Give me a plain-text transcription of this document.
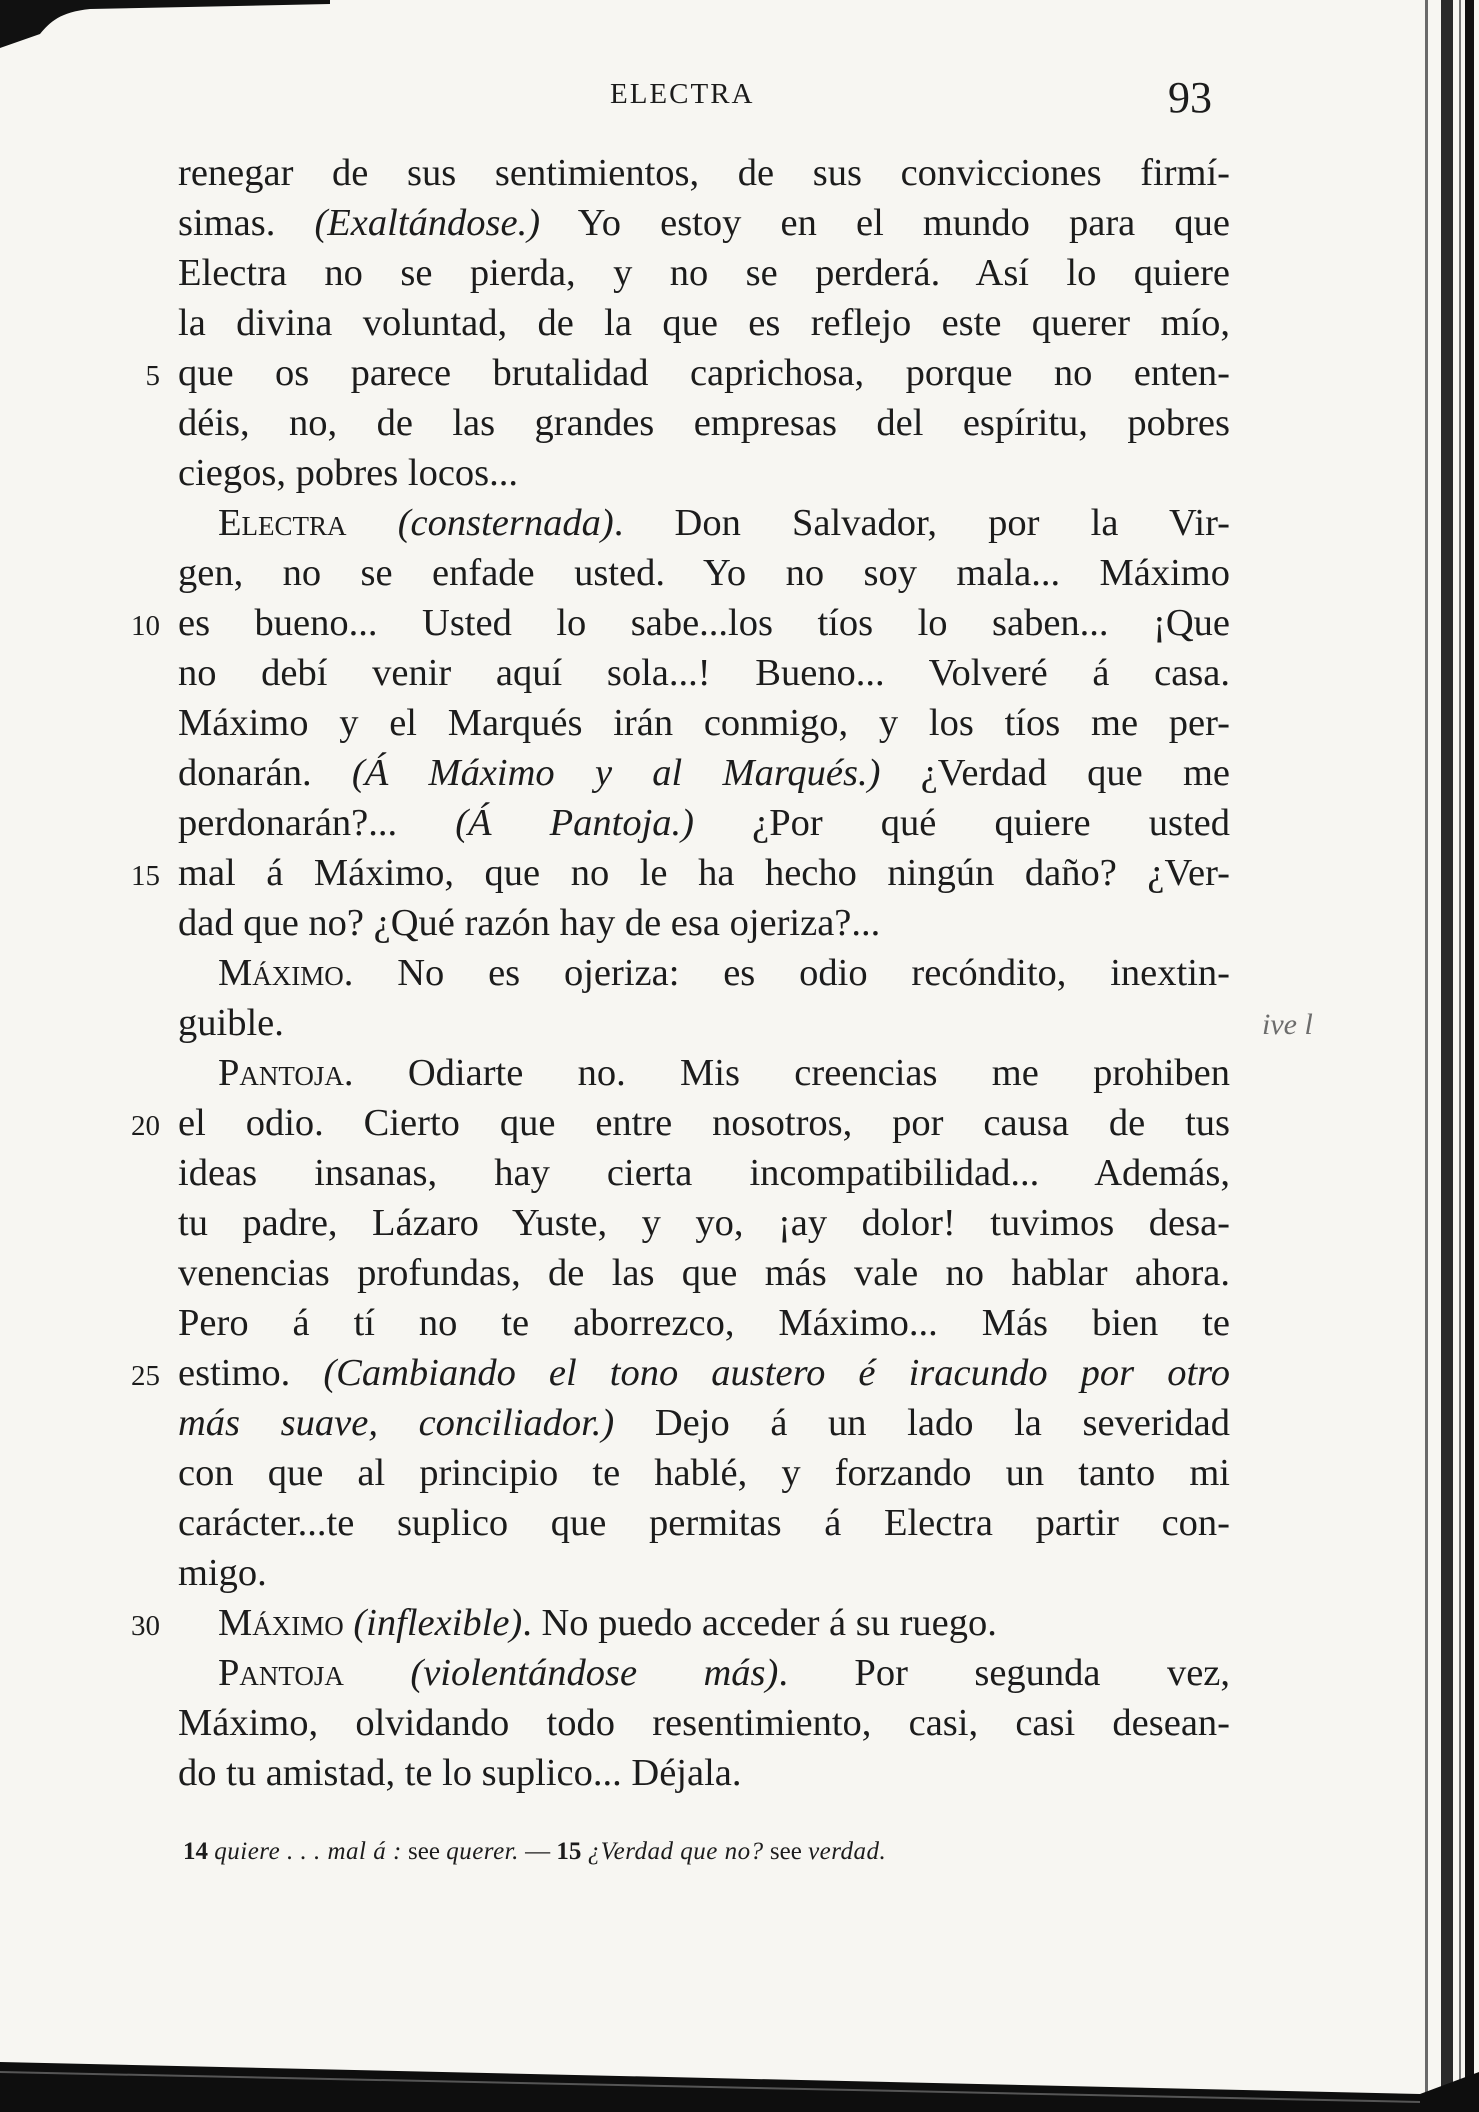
ELECTRA	93
renegar de sus sentimientos, de sus convicciones firmí-
simas. (Exaltándose.) Yo estoy en el mundo para que
Electra no se pierda, y no se perderá. Así lo quiere
la divina voluntad, de la que es reflejo este querer mío,
5 que os parece brutalidad caprichosa, porque no enten-
déis, no, de las grandes empresas del espíritu, pobres
ciegos, pobres locos...
Electra (consternada). Don Salvador, por la Vir-
gen, no se enfade usted. Yo no soy mala... Máximo
10 es bueno... Usted lo sabe...los tíos lo saben... ¡Que
no debí venir aquí sola...! Bueno... Volveré á casa.
Máximo y el Marqués irán conmigo, y los tíos me per-
donarán. (Á Máximo y al Marqués.) ¿Verdad que me
perdonarán?... (Á Pantoja.) ¿Por qué quiere usted
15 mal á Máximo, que no le ha hecho ningún daño? ¿Ver-
dad que no? ¿Qué razón hay de esa ojeriza?...
Máximo. No es ojeriza: es odio recóndito, inextin-
guible.
Pantoja. Odiarte no. Mis creencias me prohiben
20 el odio. Cierto que entre nosotros, por causa de tus
ideas insanas, hay cierta incompatibilidad... Además,
tu padre, Lázaro Yuste, y yo, ¡ay dolor! tuvimos desa-
venencias profundas, de las que más vale no hablar ahora.
Pero á tí no te aborrezco, Máximo... Más bien te
25 estimo. (Cambiando el tono austero é iracundo por otro
más suave, conciliador.) Dejo á un lado la severidad
con que al principio te hablé, y forzando un tanto mi
carácter...te suplico que permitas á Electra partir con-
migo.
30 Máximo (inflexible). No puedo acceder á su ruego.
Pantoja (violentándose más). Por segunda vez,
Máximo, olvidando todo resentimiento, casi, casi desean-
do tu amistad, te lo suplico... Déjala.
ive l
14 quiere . . . mal á : see querer. — 15 ¿Verdad que no? see verdad.
